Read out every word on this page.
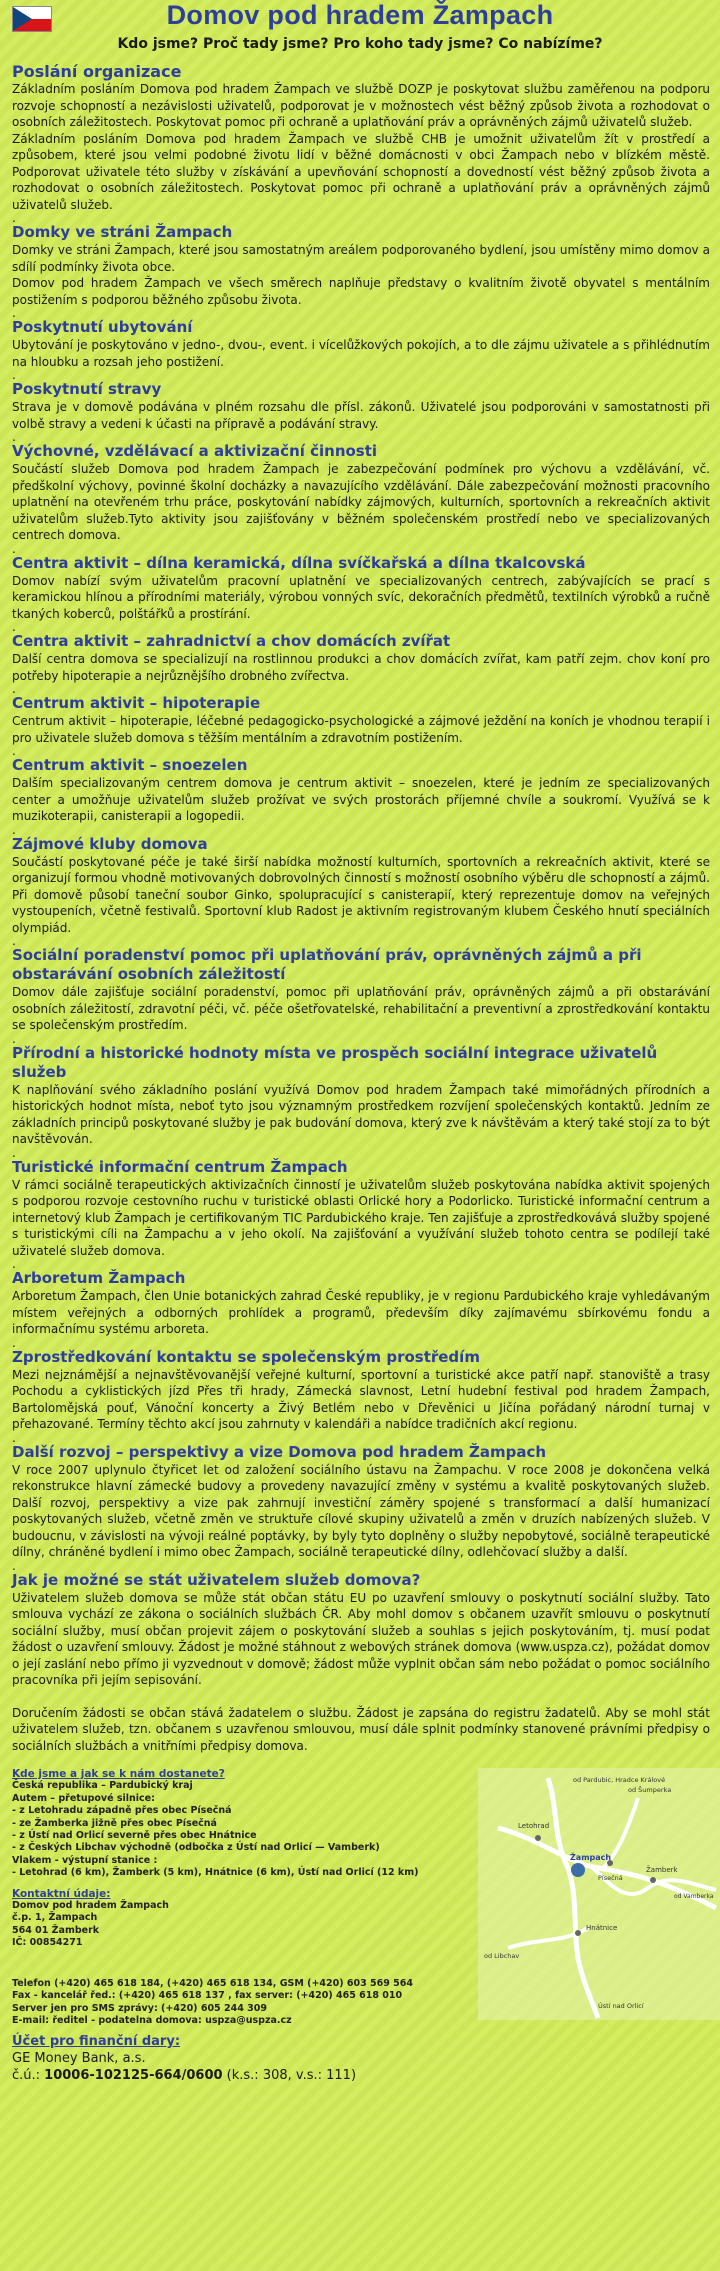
Domov pod hradem Žampach
Kdo jsme? Proč tady jsme? Pro koho tady jsme? Co nabízíme?
Poslání organizace

Základním posláním Domova pod hradem Žampach ve službě DOZP je poskytovat službu zaměřenou na podporu rozvoje schopností a nezávislosti uživatelů, podporovat je v možnostech vést běžný způsob života a rozhodovat o osobních záležitostech. Poskytovat pomoc při ochraně a uplatňování práv a oprávněných zájmů uživatelů služeb.

Základním posláním Domova pod hradem Žampach ve službě CHB je umožnit uživatelům žít v prostředí a způsobem, které jsou velmi podobné životu lidí v běžné domácnosti v obci Žampach nebo v blízkém městě. Podporovat uživatele této služby v získávání a upevňování schopností a dovedností vést běžný způsob života a rozhodovat o osobních záležitostech. Poskytovat pomoc při ochraně a uplatňování práv a oprávněných zájmů uživatelů služeb.

.
Domky ve stráni Žampach

Domky ve stráni Žampach, které jsou samostatným areálem podporovaného bydlení, jsou umístěny mimo domov a sdílí podmínky života obce.

Domov pod hradem Žampach ve všech směrech naplňuje představy o kvalitním životě obyvatel s mentálním postižením s podporou běžného způsobu života.

.
Poskytnutí ubytování

Ubytování je poskytováno v jedno-, dvou-, event. i vícelůžkových pokojích, a to dle zájmu uživatele a s přihlédnutím na hloubku a rozsah jeho postižení.

.
Poskytnutí stravy

Strava je v domově podávána v plném rozsahu dle přísl. zákonů. Uživatelé jsou podporováni v samostatnosti při volbě stravy a vedeni k účasti na přípravě a podávání stravy.

.
Výchovné, vzdělávací a aktivizační činnosti

Součástí služeb Domova pod hradem Žampach je zabezpečování podmínek pro výchovu a vzdělávání, vč. předškolní výchovy, povinné školní docházky a navazujícího vzdělávání. Dále zabezpečování možnosti pracovního uplatnění na otevřeném trhu práce, poskytování nabídky zájmových, kulturních, sportovních a rekreačních aktivit uživatelům služeb.Tyto aktivity jsou zajišťovány v běžném společenském prostředí nebo ve specializovaných centrech domova.

.
Centra aktivit – dílna keramická, dílna svíčkařská a dílna tkalcovská

Domov nabízí svým uživatelům pracovní uplatnění ve specializovaných centrech, zabývajících se prací s keramickou hlínou a přírodními materiály, výrobou vonných svíc, dekoračních předmětů, textilních výrobků a ručně tkaných koberců, polštářků a prostírání.

.
Centra aktivit – zahradnictví a chov domácích zvířat

Další centra domova se specializují na rostlinnou produkci a chov domácích zvířat, kam patří zejm. chov koní pro potřeby hipoterapie a nejrůznějšího drobného zvířectva.

.
Centrum aktivit – hipoterapie

Centrum aktivit – hipoterapie, léčebné pedagogicko-psychologické a zájmové ježdění na koních je vhodnou terapií i pro uživatele služeb domova s těžším mentálním a zdravotním postižením.

.
Centrum aktivit – snoezelen

Dalším specializovaným centrem domova je centrum aktivit – snoezelen, které je jedním ze specializovaných center a umožňuje uživatelům služeb prožívat ve svých prostorách příjemné chvíle a soukromí. Využívá se k muzikoterapii, canisterapii a logopedii.

.
Zájmové kluby domova

Součástí poskytované péče je také širší nabídka možností kulturních, sportovních a rekreačních aktivit, které se organizují formou vhodně motivovaných dobrovolných činností s možností osobního výběru dle schopností a zájmů. Při domově působí taneční soubor Ginko, spolupracující s canisterapií, který reprezentuje domov na veřejných vystoupeních, včetně festivalů. Sportovní klub Radost je aktivním registrovaným klubem Českého hnutí speciálních olympiád.

.
Sociální poradenství pomoc při uplatňování práv, oprávněných zájmů a při obstarávání osobních záležitostí

Domov dále zajišťuje sociální poradenství, pomoc při uplatňování práv, oprávněných zájmů a při obstarávání osobních záležitostí, zdravotní péči, vč. péče ošetřovatelské, rehabilitační a preventivní a zprostředkování kontaktu se společenským prostředím.

.
Přírodní a historické hodnoty místa ve prospěch sociální integrace uživatelů služeb

K naplňování svého základního poslání využívá Domov pod hradem Žampach také mimořádných přírodních a historických hodnot místa, neboť tyto jsou významným prostředkem rozvíjení společenských kontaktů. Jedním ze základních principů poskytované služby je pak budování domova, který zve k návštěvám a který také stojí za to být navštěvován.

.
Turistické informační centrum Žampach

V rámci sociálně terapeutických aktivizačních činností je uživatelům služeb poskytována nabídka aktivit spojených s podporou rozvoje cestovního ruchu v turistické oblasti Orlické hory a Podorlicko. Turistické informační centrum a internetový klub Žampach je certifikovaným TIC Pardubického kraje. Ten zajišťuje a zprostředkovává služby spojené s turistickými cíli na Žampachu a v jeho okolí. Na zajišťování a využívání služeb tohoto centra se podílejí také uživatelé služeb domova.

.
Arboretum Žampach

Arboretum Žampach, člen Unie botanických zahrad České republiky, je v regionu Pardubického kraje vyhledávaným místem veřejných a odborných prohlídek a programů, především díky zajímavému sbírkovému fondu a informačnímu systému arboreta.

.
Zprostředkování kontaktu se společenským prostředím

Mezi nejznámější a nejnavštěvovanější veřejné kulturní, sportovní a turistické akce patří např. stanoviště a trasy Pochodu a cyklistických jízd Přes tři hrady, Zámecká slavnost, Letní hudební festival pod hradem Žampach, Bartolomějská pouť, Vánoční koncerty a Živý Betlém nebo v Dřevěnici u Jičína pořádaný národní turnaj v přehazované. Termíny těchto akcí jsou zahrnuty v kalendáři a nabídce tradičních akcí regionu.

.
Další rozvoj – perspektivy a vize Domova pod hradem Žampach

V roce 2007 uplynulo čtyřicet let od založení sociálního ústavu na Žampachu. V roce 2008 je dokončena velká rekonstrukce hlavní zámecké budovy a provedeny navazující změny v systému a kvalitě poskytovaných služeb. Další rozvoj, perspektivy a vize pak zahrnují investiční záměry spojené s transformací a další humanizací poskytovaných služeb, včetně změn ve struktuře cílové skupiny uživatelů a změn v druzích nabízených služeb. V budoucnu, v závislosti na vývoji reálné poptávky, by byly tyto doplněny o služby nepobytové, sociálně terapeutické dílny, chráněné bydlení i mimo obec Žampach, sociálně terapeutické dílny, odlehčovací služby a další.

.
Jak je možné se stát uživatelem služeb domova?

Uživatelem služeb domova se může stát občan státu EU po uzavření smlouvy o poskytnutí sociální služby. Tato smlouva vychází ze zákona o sociálních službách ČR. Aby mohl domov s občanem uzavřít smlouvu o poskytnutí sociální služby, musí občan projevit zájem o poskytování služeb a souhlas s jejich poskytováním, tj. musí podat žádost o uzavření smlouvy. Žádost je možné stáhnout z webových stránek domova (www.uspza.cz), požádat domov o její zaslání nebo přímo ji vyzvednout v domově; žádost může vyplnit občan sám nebo požádat o pomoc sociálního pracovníka při jejím sepisování.

Doručením žádosti se občan stává žadatelem o službu. Žádost je zapsána do registru žadatelů. Aby se mohl stát uživatelem služeb, tzn. občanem s uzavřenou smlouvou, musí dále splnit podmínky stanovené právními předpisy o sociálních službách a vnitřními předpisy domova.

Kde jsme a jak se k nám dostanete?
Česká republika – Pardubický kraj
Autem – přetupové silnice:
- z Letohradu západně přes obec Písečná
- ze Žamberka jižně přes obec Písečná
- z Ústí nad Orlicí severně přes obec Hnátnice
- z Českých Libchav východně (odbočka z Ústí nad Orlicí — Vamberk)
Vlakem - výstupní stanice :
- Letohrad (6 km), Žamberk (5 km), Hnátnice (6 km), Ústí nad Orlicí (12 km)
Kontaktní údaje:
Domov pod hradem Žampach
č.p. 1, Žampach
564 01 Žamberk
IČ: 00854271
Telefon (+420) 465 618 184, (+420) 465 618 134, GSM (+420) 603 569 564
Fax - kancelář řed.: (+420) 465 618 137 , fax server: (+420) 465 618 010
Server jen pro SMS zprávy: (+420) 605 244 309
E-mail: ředitel - podatelna domova: uspza@uspza.cz
od Pardubic, Hradce Králové
Letohrad
Žampach
Žamberk
Hnátnice
Písečná
od Vamberka
Ústí nad Orlicí
od Libchav
od Šumperka
Účet pro finanční dary:
GE Money Bank, a.s.
č.ú.: 10006-102125-664/0600 (k.s.: 308, v.s.: 111)
